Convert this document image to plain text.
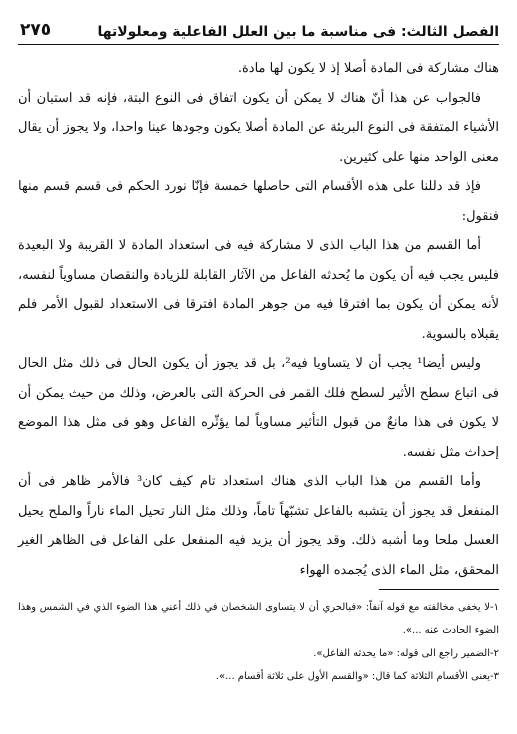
الفصل الثالث: فى مناسبة ما بين العلل الفاعلية ومعلولاتها
٢٧٥

هناك مشاركة فى المادة أصلا إذ لا يكون لها مادة.

فالجواب عن هذا أنّ هناك لا يمكن أن يكون اتفاق فى النوع البتة، فإنه قد استبان أن الأشياء المتفقة فى النوع البريئة عن المادة أصلا يكون وجودها عينا واحدا، ولا يجوز أن يقال معنى الواحد منها على كثيرين.

فإذ قد دللنا على هذه الأقسام التى حاصلها خمسة فإنّا نورد الحكم فى قسم قسم منها فنقول:

أما القسم من هذا الباب الذى لا مشاركة فيه فى استعداد المادة لا القريبة ولا البعيدة فليس يجب فيه أن يكون ما يُحدثه الفاعل من الآثار القابلة للزيادة والنقصان مساوياً لنفسه، لأنه يمكن أن يكون بما افترقا فيه من جوهر المادة افترقا فى الاستعداد لقبول الأمر فلم يقبلاه بالسوية.

وليس أيضا¹ يجب أن لا يتساويا فيه²، بل قد يجوز أن يكون الحال فى ذلك مثل الحال فى اتباع سطح الأثير لسطح فلك القمر فى الحركة التى بالعرض، وذلك من حيث يمكن أن لا يكون فى هذا مانعٌ من قبول التأثير مساوياً لما يؤثّره الفاعل وهو فى مثل هذا الموضع إحداث مثل نفسه.

وأما القسم من هذا الباب الذى هناك استعداد تام كيف كان³ فالأمر ظاهر فى أن المنفعل قد يجوز أن يتشبه بالفاعل تشبّهاً تاماً، وذلك مثل النار تحيل الماء ناراً والملح يحيل العسل ملحا وما أشبه ذلك. وقد يجوز أن يزيد فيه المنفعل على الفاعل فى الظاهر الغير المحقق، مثل الماء الذى يُجمده الهواء

١-لا يخفى مخالفته مع قوله آنفاً: «فبالحري أن لا يتساوى الشخصان في ذلك أعني هذا الضوء الذي في الشمس وهذا الضوء الحادث عنه ...».

٢-الضمير راجع الى قوله: «ما يحدثه الفاعل».

٣-يعنى الأقسام الثلاثة كما قال: «والقسم الأول على ثلاثة أقسام ...».
